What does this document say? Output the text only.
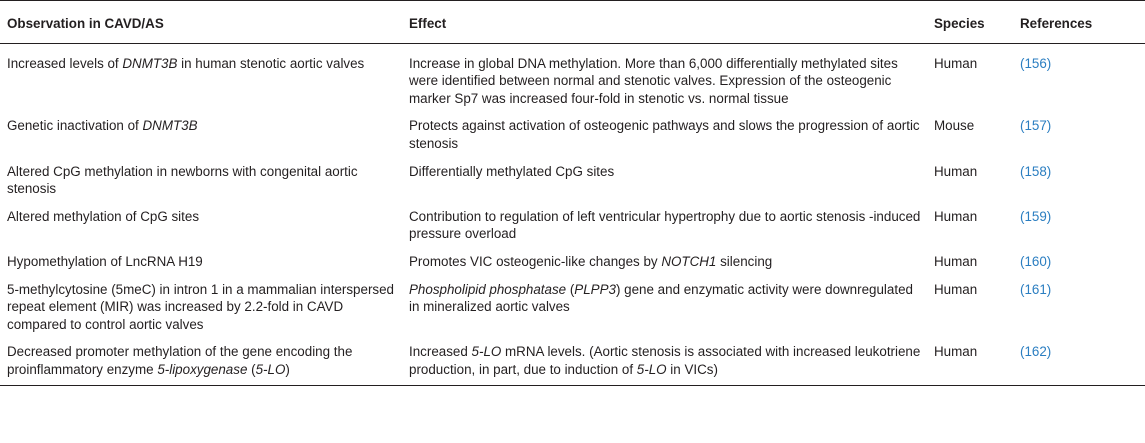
Observation in CAVD/AS	Effect	Species	References
Increased levels of DNMT3B in human stenotic aortic valves	Increase in global DNA methylation. More than 6,000 differentially methylated sites were identified between normal and stenotic valves. Expression of the osteogenic marker Sp7 was increased four-fold in stenotic vs. normal tissue	Human	(156)
Genetic inactivation of DNMT3B	Protects against activation of osteogenic pathways and slows the progression of aortic stenosis	Mouse	(157)
Altered CpG methylation in newborns with congenital aortic stenosis	Differentially methylated CpG sites	Human	(158)
Altered methylation of CpG sites	Contribution to regulation of left ventricular hypertrophy due to aortic stenosis -induced pressure overload	Human	(159)
Hypomethylation of LncRNA H19	Promotes VIC osteogenic-like changes by NOTCH1 silencing	Human	(160)
5-methylcytosine (5meC) in intron 1 in a mammalian interspersed repeat element (MIR) was increased by 2.2-fold in CAVD compared to control aortic valves	Phospholipid phosphatase (PLPP3) gene and enzymatic activity were downregulated in mineralized aortic valves	Human	(161)
Decreased promoter methylation of the gene encoding the proinflammatory enzyme 5-lipoxygenase (5-LO)	Increased 5-LO mRNA levels. (Aortic stenosis is associated with increased leukotriene production, in part, due to induction of 5-LO in VICs)	Human	(162)
